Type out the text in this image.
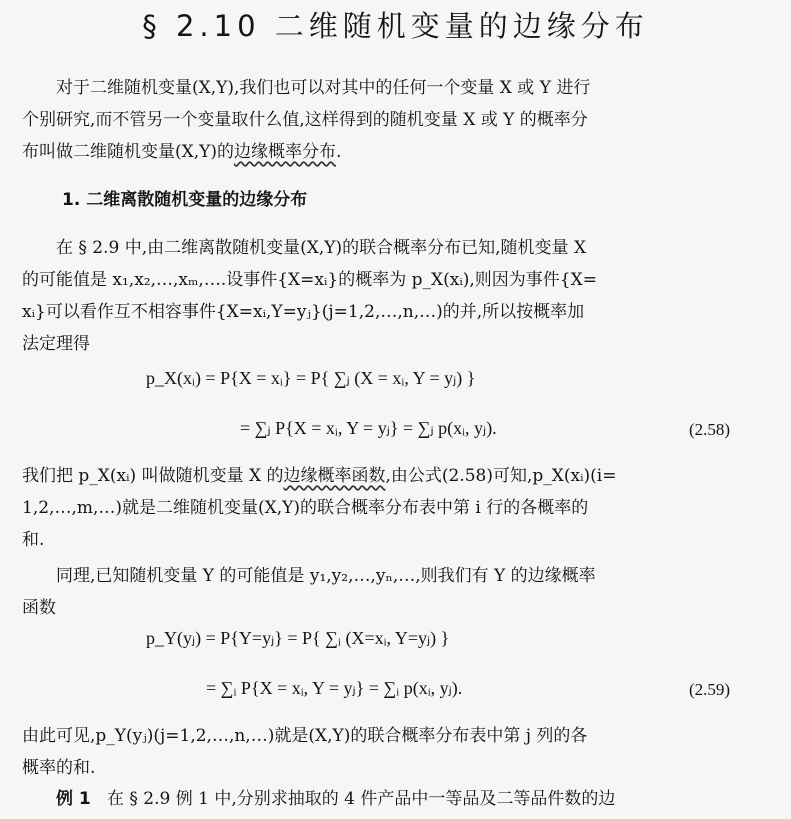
§ 2.10 二维随机变量的边缘分布
对于二维随机变量(X,Y),我们也可以对其中的任何一个变量 X 或 Y 进行
个别研究,而不管另一个变量取什么值,这样得到的随机变量 X 或 Y 的概率分
布叫做二维随机变量(X,Y)的边缘概率分布.
1. 二维离散随机变量的边缘分布
在 § 2.9 中,由二维离散随机变量(X,Y)的联合概率分布已知,随机变量 X
的可能值是 x₁,x₂,…,xₘ,….设事件{X=xᵢ}的概率为 p_X(xᵢ),则因为事件{X=
xᵢ}可以看作互不相容事件{X=xᵢ,Y=yⱼ}(j=1,2,…,n,…)的并,所以按概率加
法定理得
p_X(xᵢ) = P{X = xᵢ} = P{ ∑ⱼ (X = xᵢ, Y = yⱼ) }
= ∑ⱼ P{X = xᵢ, Y = yⱼ} = ∑ⱼ p(xᵢ, yⱼ).	(2.58)
我们把 p_X(xᵢ) 叫做随机变量 X 的边缘概率函数,由公式(2.58)可知,p_X(xᵢ)(i=
1,2,…,m,…)就是二维随机变量(X,Y)的联合概率分布表中第 i 行的各概率的
和.
同理,已知随机变量 Y 的可能值是 y₁,y₂,…,yₙ,…,则我们有 Y 的边缘概率
函数
p_Y(yⱼ) = P{Y=yⱼ} = P{ ∑ᵢ (X=xᵢ, Y=yⱼ) }
= ∑ᵢ P{X = xᵢ, Y = yⱼ} = ∑ᵢ p(xᵢ, yⱼ).	(2.59)
由此可见,p_Y(yⱼ)(j=1,2,…,n,…)就是(X,Y)的联合概率分布表中第 j 列的各
概率的和.
例 1 在 § 2.9 例 1 中,分别求抽取的 4 件产品中一等品及二等品件数的边
